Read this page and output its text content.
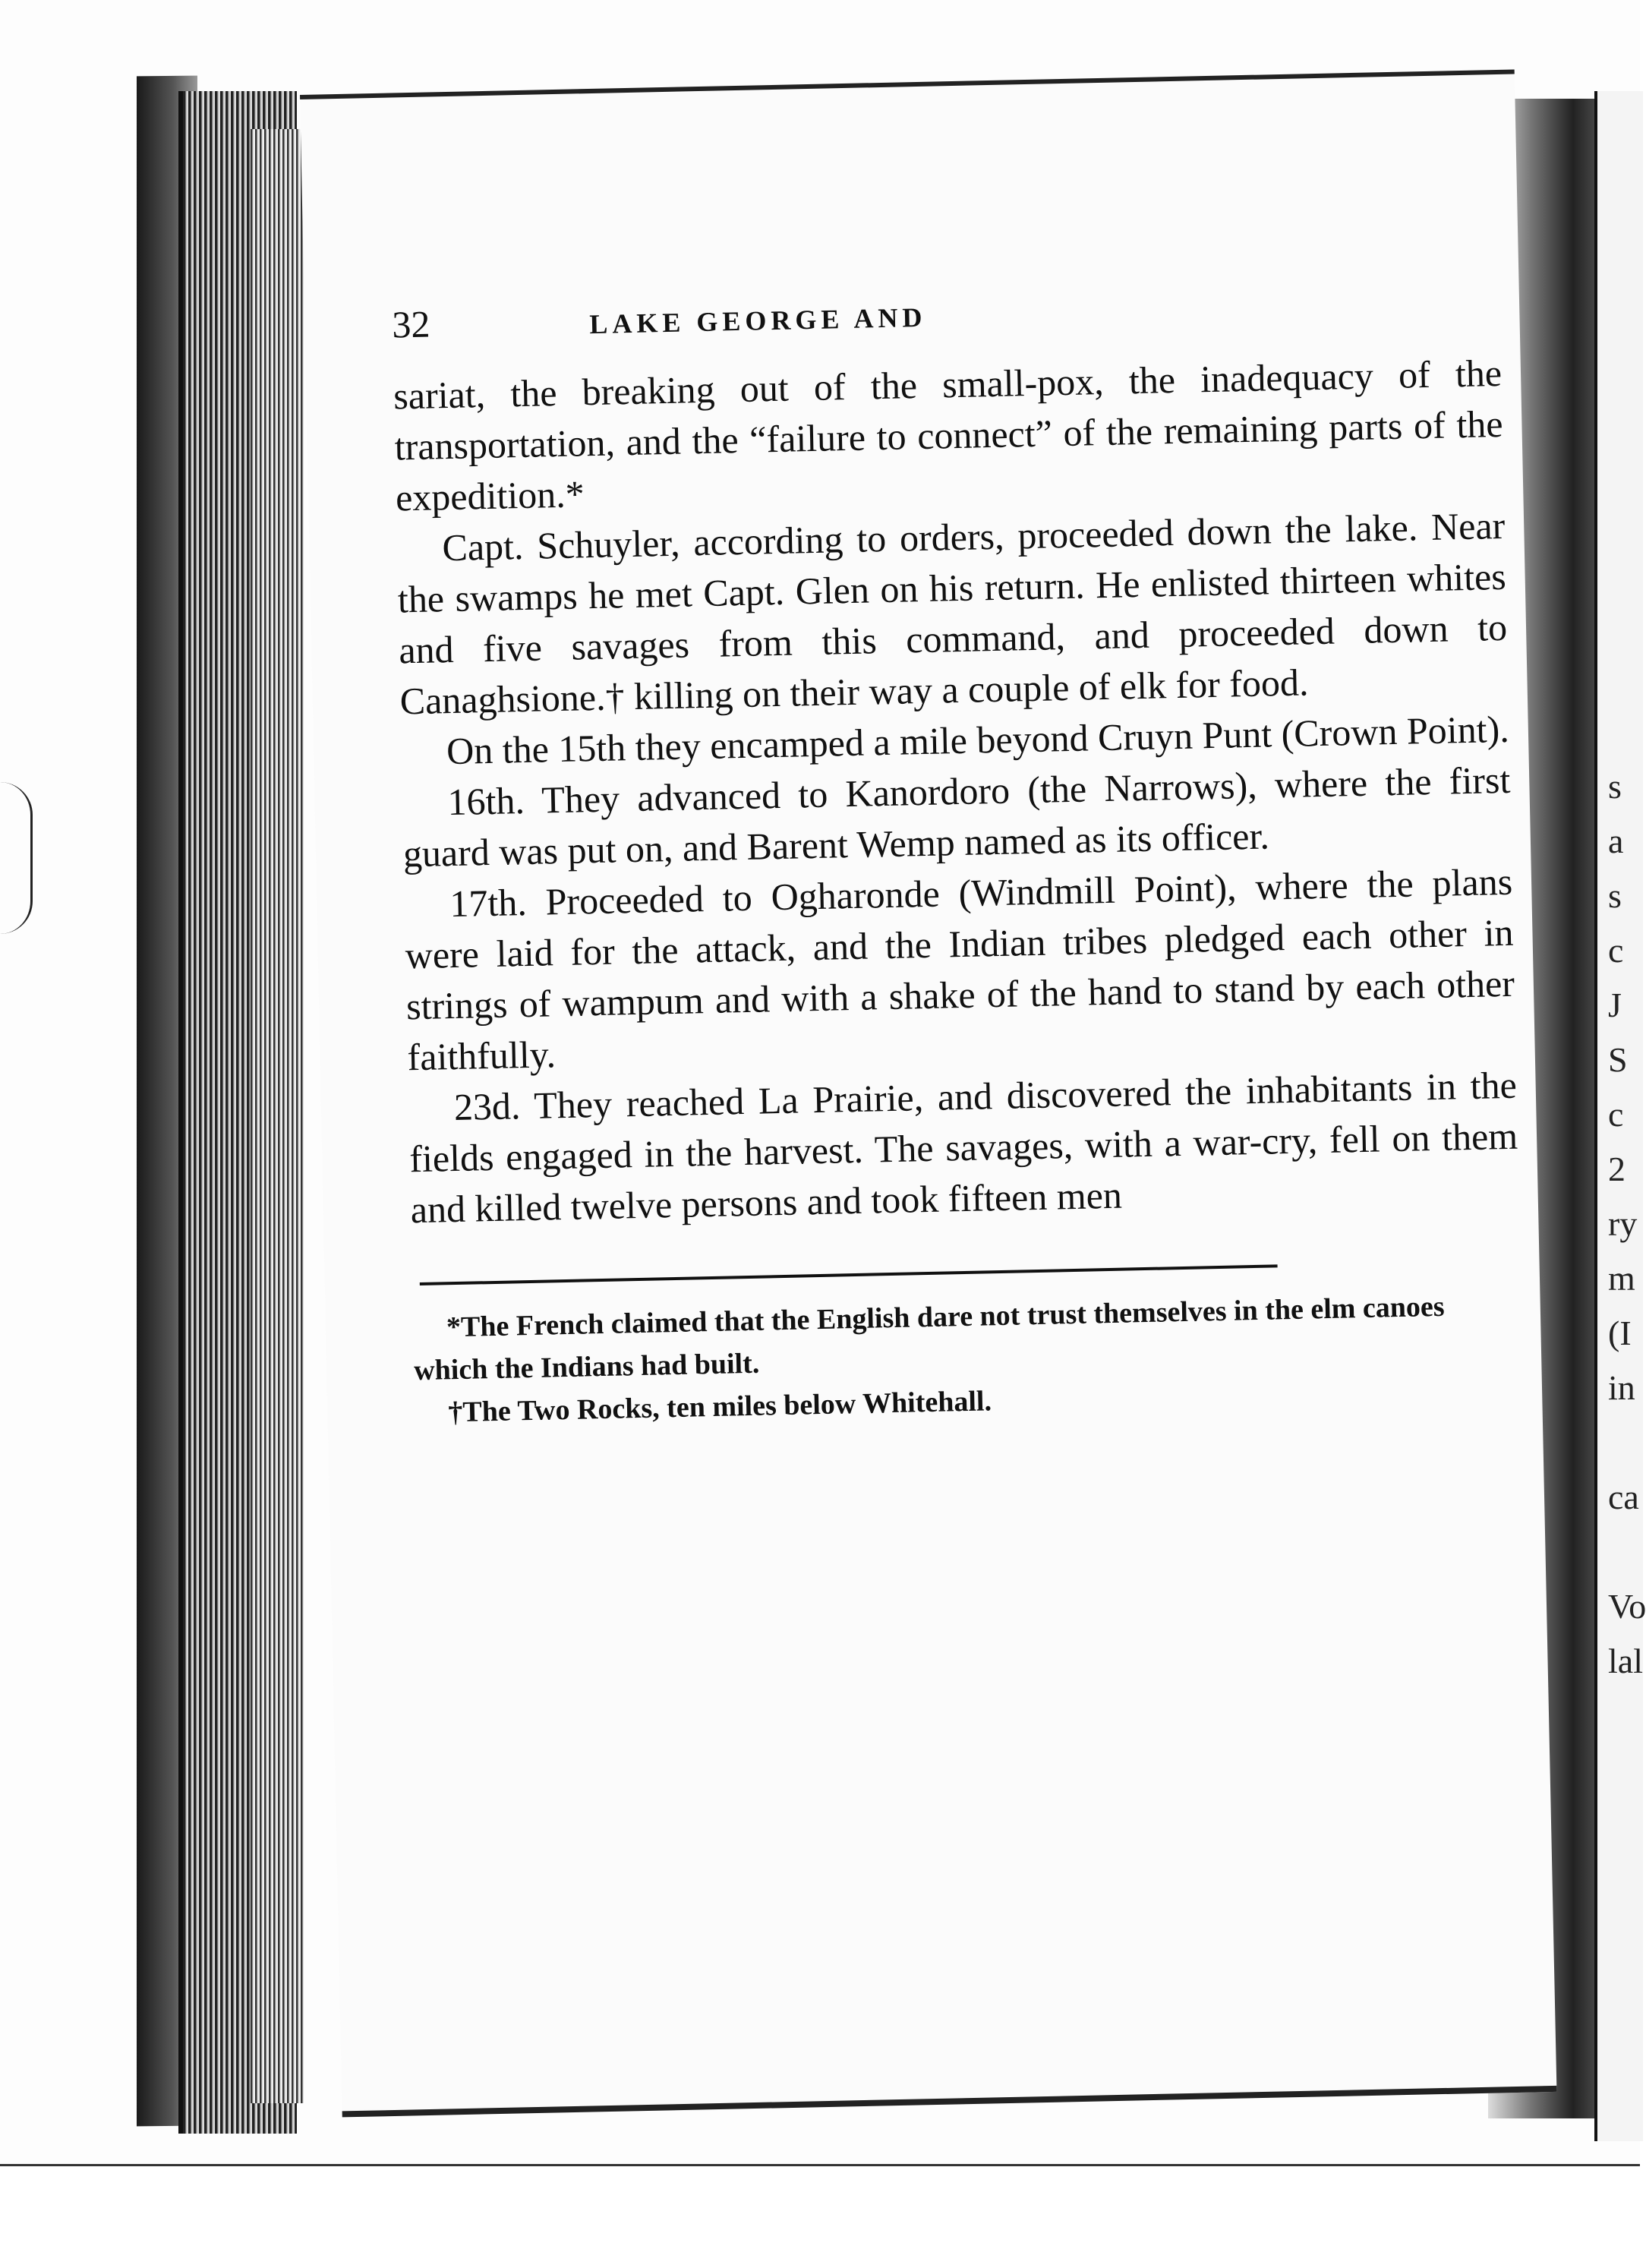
s
a
s
c
J
S
c
2
ry
m
(I
in
ca
Vo
lal
32	LAKE GEORGE AND

sariat, the breaking out of the small-pox, the inadequacy of the transportation, and the “failure to connect” of the remaining parts of the expedition.*

Capt. Schuyler, according to orders, proceeded down the lake. Near the swamps he met Capt. Glen on his return. He enlisted thirteen whites and five savages from this command, and proceeded down to Canaghsione.† killing on their way a couple of elk for food.

On the 15th they encamped a mile beyond Cruyn Punt (Crown Point).

16th. They advanced to Kanordoro (the Narrows), where the first guard was put on, and Barent Wemp named as its officer.

17th. Proceeded to Ogharonde (Windmill Point), where the plans were laid for the attack, and the Indian tribes pledged each other in strings of wampum and with a shake of the hand to stand by each other faithfully.

23d. They reached La Prairie, and discovered the inhabitants in the fields engaged in the harvest. The savages, with a war-cry, fell on them and killed twelve persons and took fifteen men

*The French claimed that the English dare not trust themselves in the elm canoes which the Indians had built.

†The Two Rocks, ten miles below Whitehall.
